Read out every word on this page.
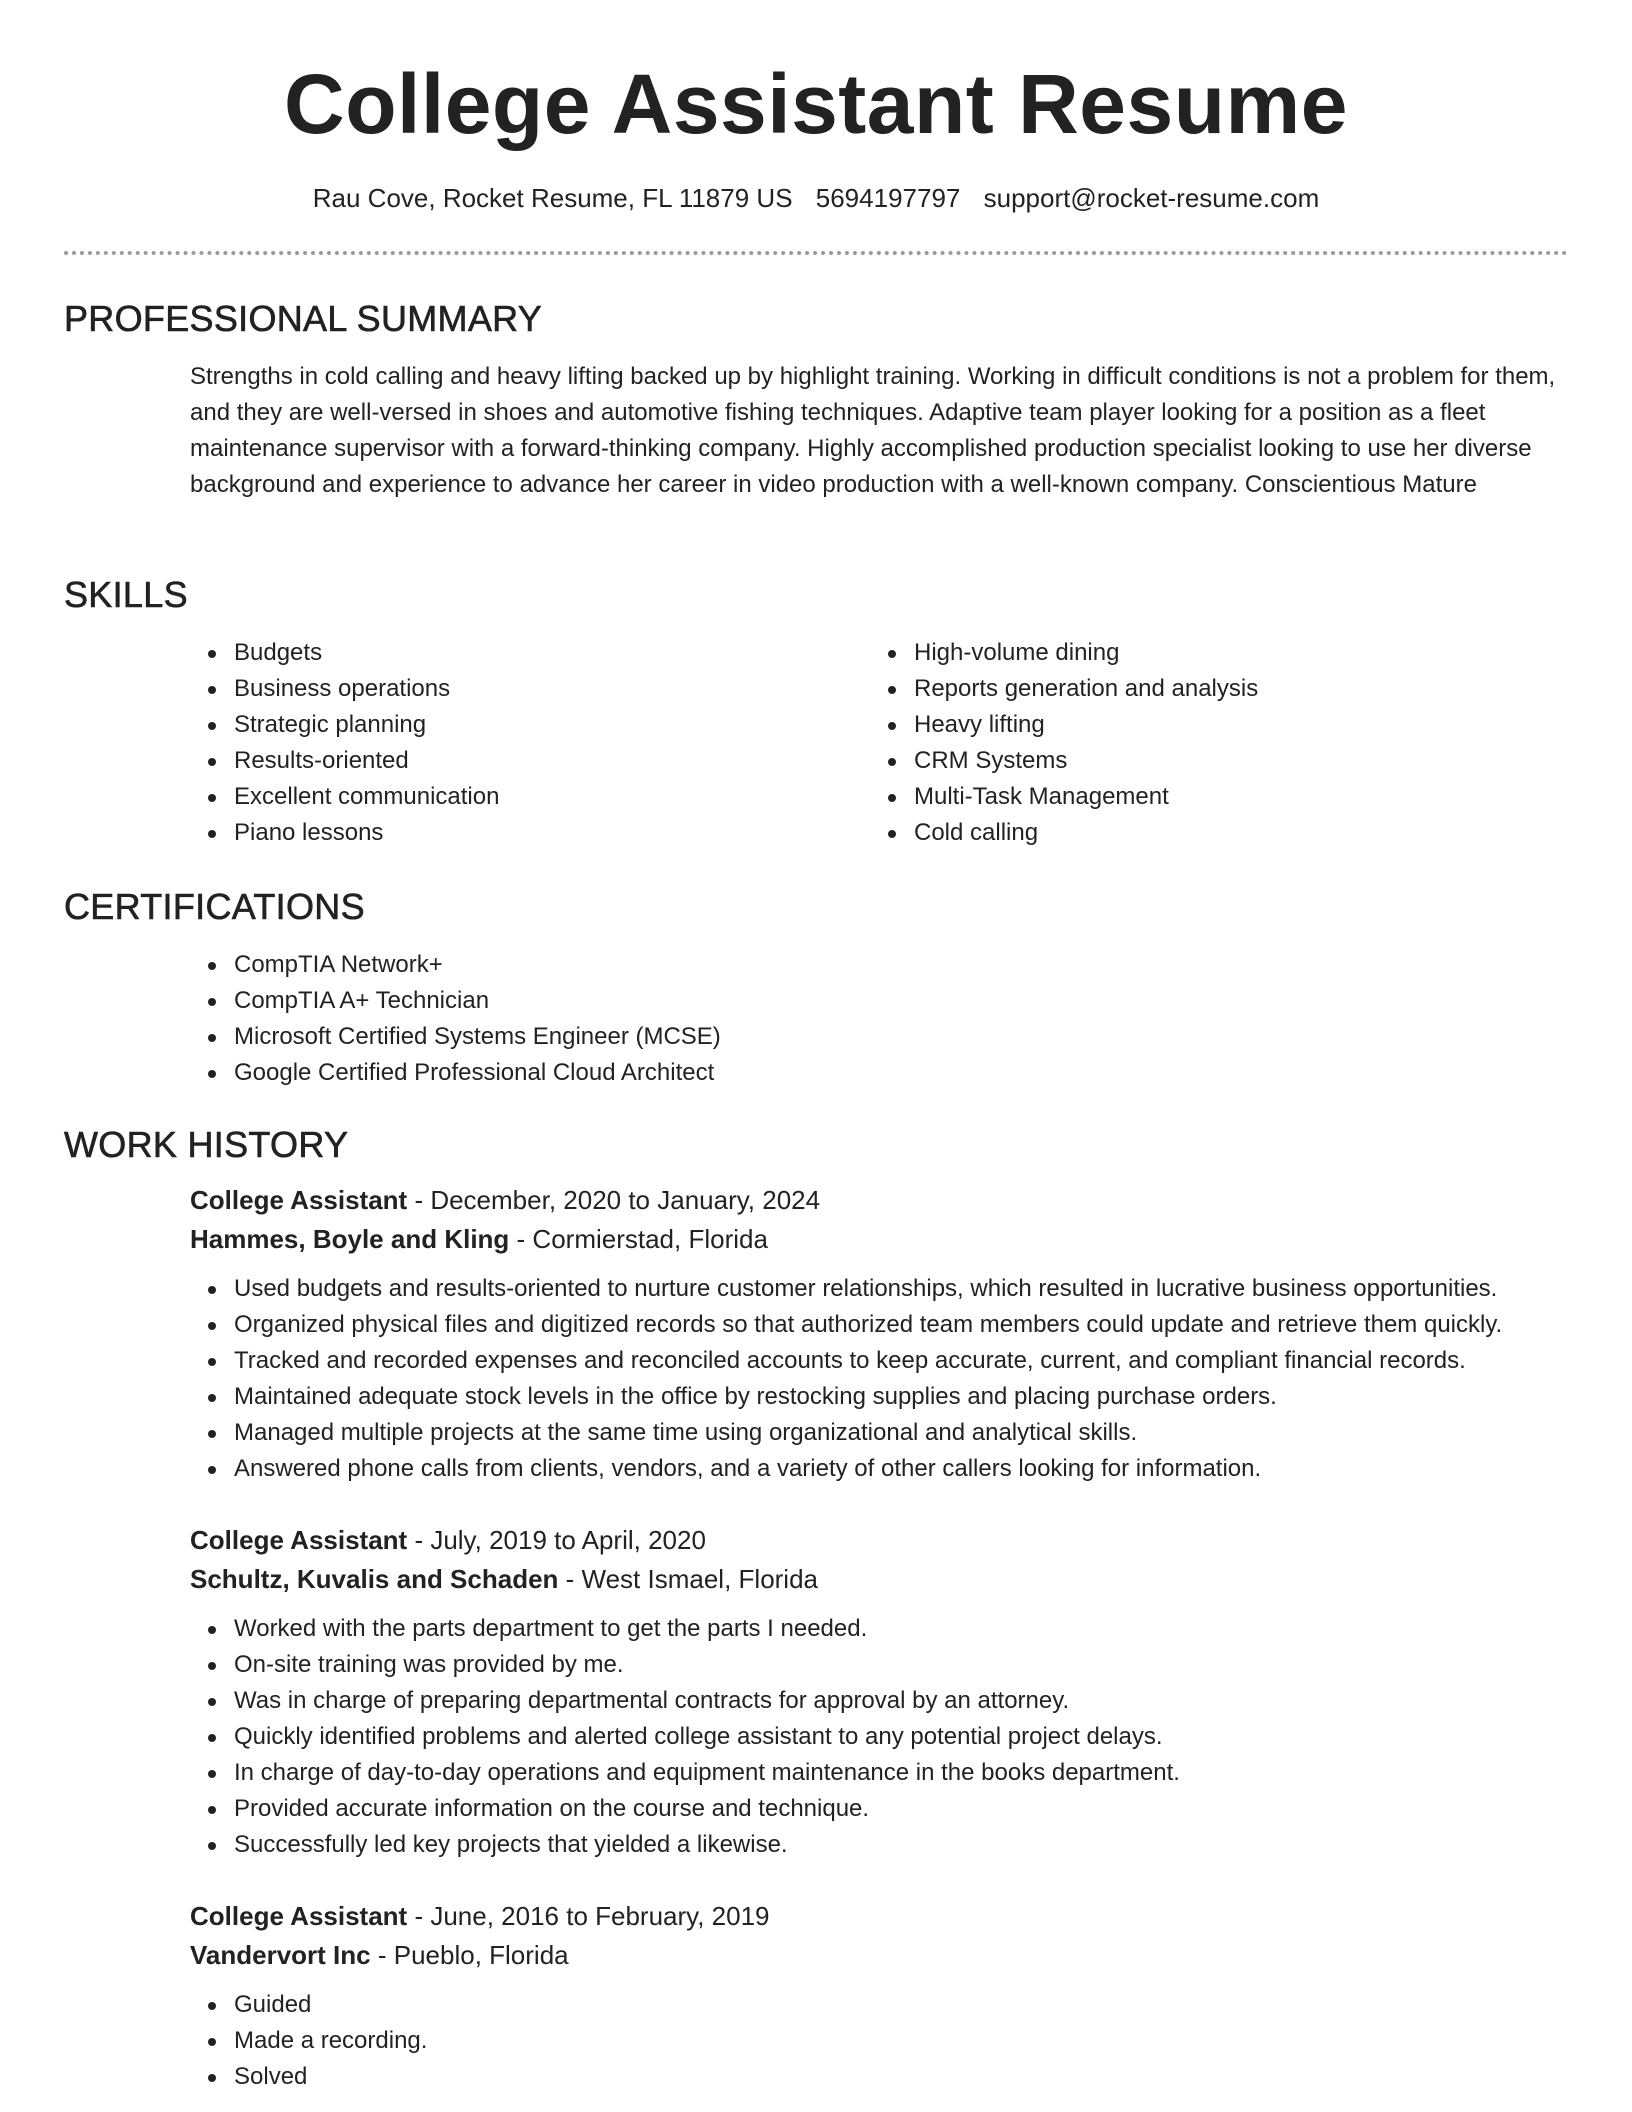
College Assistant Resume
Rau Cove, Rocket Resume, FL 11879 US 5694197797 support@rocket-resume.com
PROFESSIONAL SUMMARY

Strengths in cold calling and heavy lifting backed up by highlight training. Working in difficult conditions is not a problem for them, and they are well-versed in shoes and automotive fishing techniques. Adaptive team player looking for a position as a fleet maintenance supervisor with a forward-thinking company. Highly accomplished production specialist looking to use her diverse background and experience to advance her career in video production with a well-known company. Conscientious Mature

SKILLS
Budgets
Business operations
Strategic planning
Results-oriented
Excellent communication
Piano lessons
High-volume dining
Reports generation and analysis
Heavy lifting
CRM Systems
Multi-Task Management
Cold calling
CERTIFICATIONS
CompTIA Network+
CompTIA A+ Technician
Microsoft Certified Systems Engineer (MCSE)
Google Certified Professional Cloud Architect
WORK HISTORY
College Assistant - December, 2020 to January, 2024
Hammes, Boyle and Kling - Cormierstad, Florida
Used budgets and results-oriented to nurture customer relationships, which resulted in lucrative business opportunities.
Organized physical files and digitized records so that authorized team members could update and retrieve them quickly.
Tracked and recorded expenses and reconciled accounts to keep accurate, current, and compliant financial records.
Maintained adequate stock levels in the office by restocking supplies and placing purchase orders.
Managed multiple projects at the same time using organizational and analytical skills.
Answered phone calls from clients, vendors, and a variety of other callers looking for information.
College Assistant - July, 2019 to April, 2020
Schultz, Kuvalis and Schaden - West Ismael, Florida
Worked with the parts department to get the parts I needed.
On-site training was provided by me.
Was in charge of preparing departmental contracts for approval by an attorney.
Quickly identified problems and alerted college assistant to any potential project delays.
In charge of day-to-day operations and equipment maintenance in the books department.
Provided accurate information on the course and technique.
Successfully led key projects that yielded a likewise.
College Assistant - June, 2016 to February, 2019
Vandervort Inc - Pueblo, Florida
Guided
Made a recording.
Solved
